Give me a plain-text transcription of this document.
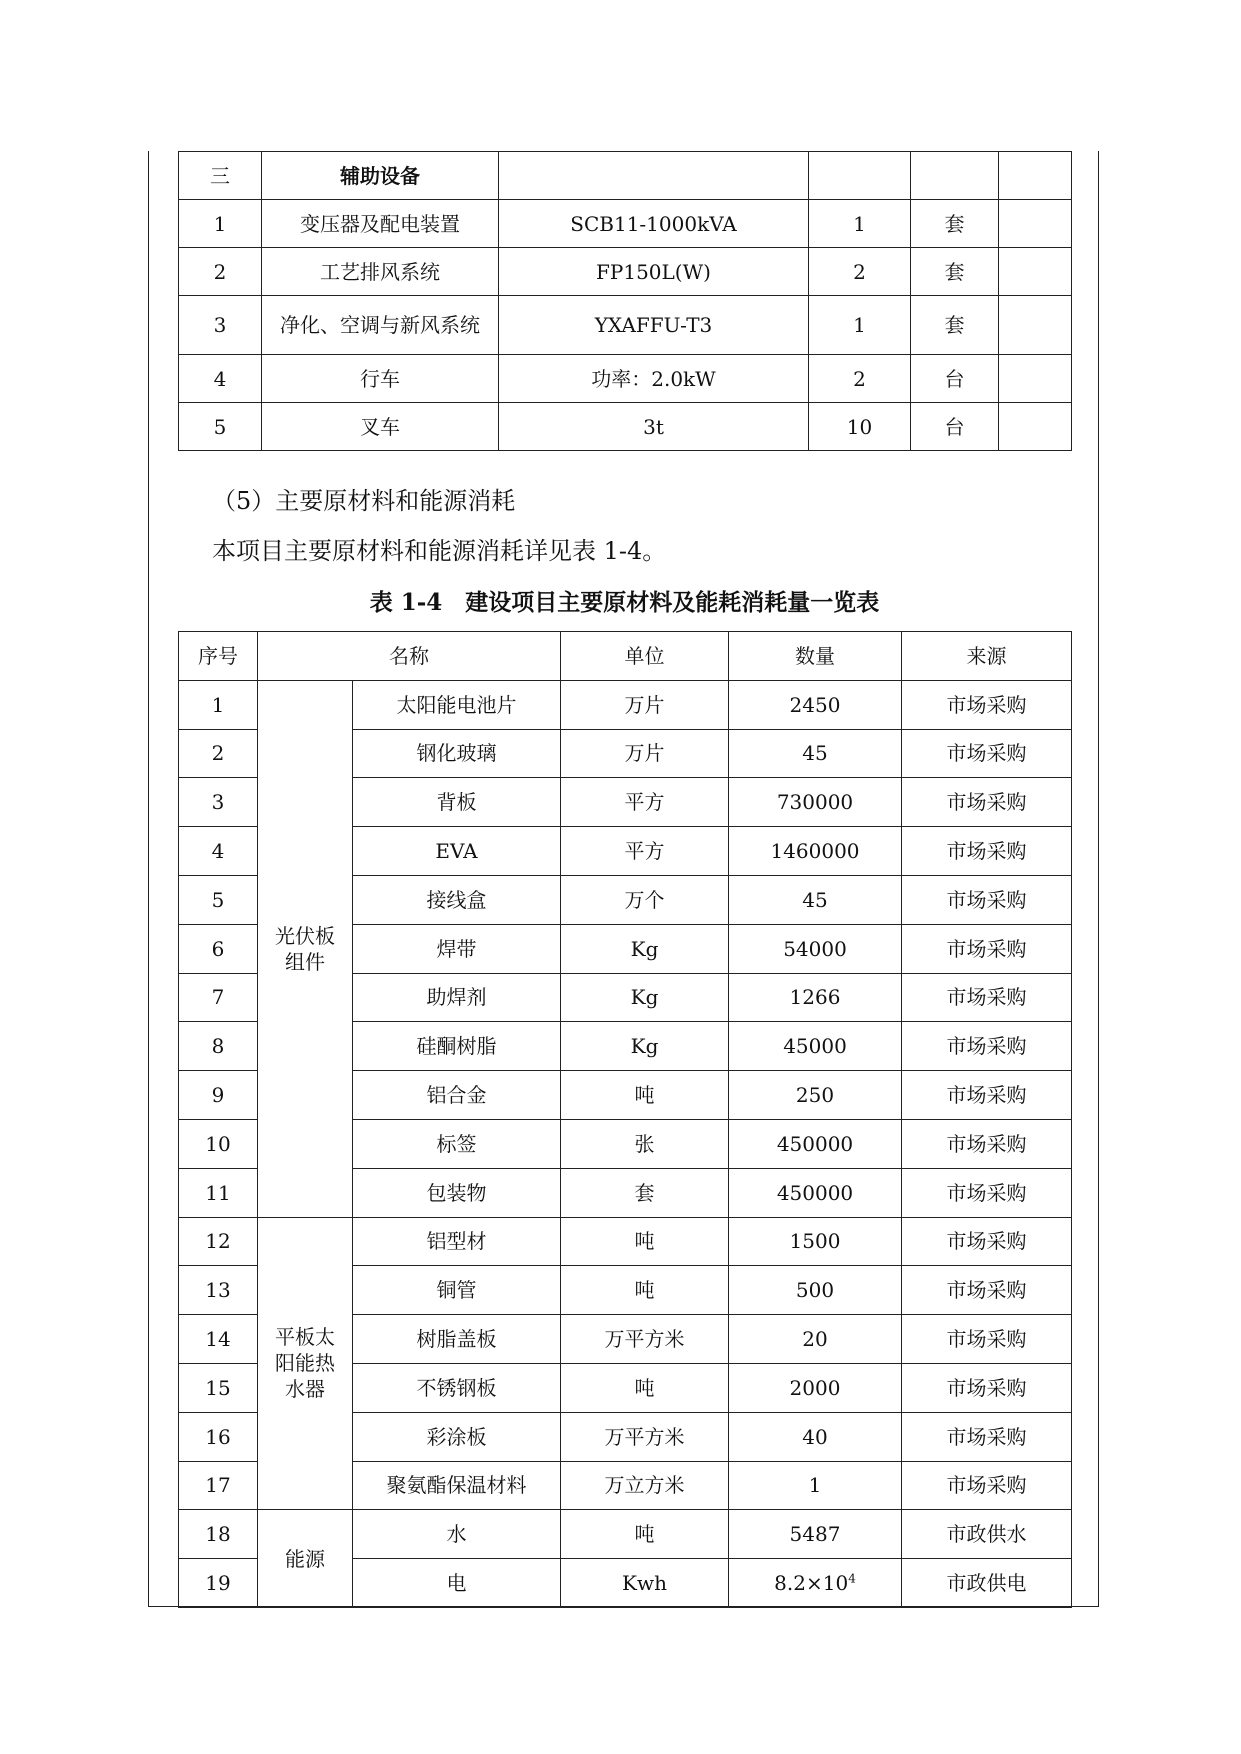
三	辅助设备				
1	变压器及配电装置	SCB11-1000kVA	1	套	
2	工艺排风系统	FP150L(W)	2	套	
3	净化、空调与新风系统	YXAFFU-T3	1	套	
4	行车	功率：2.0kW	2	台	
5	叉车	3t	10	台	
（5）主要原材料和能源消耗
本项目主要原材料和能源消耗详见表 1-4。
表 1-4　建设项目主要原材料及能耗消耗量一览表
序号	名称		单位	数量	来源
1	光伏板组件	太阳能电池片	万片	2450	市场采购
2		钢化玻璃	万片	45	市场采购
3		背板	平方	730000	市场采购
4		EVA	平方	1460000	市场采购
5		接线盒	万个	45	市场采购
6		焊带	Kg	54000	市场采购
7		助焊剂	Kg	1266	市场采购
8		硅酮树脂	Kg	45000	市场采购
9		铝合金	吨	250	市场采购
10		标签	张	450000	市场采购
11		包装物	套	450000	市场采购
12	平板太阳能热水器	铝型材	吨	1500	市场采购
13		铜管	吨	500	市场采购
14		树脂盖板	万平方米	20	市场采购
15		不锈钢板	吨	2000	市场采购
16		彩涂板	万平方米	40	市场采购
17		聚氨酯保温材料	万立方米	1	市场采购
18	能源	水	吨	5487	市政供水
19		电	Kwh	$8.2\times 10^4$	市政供电
